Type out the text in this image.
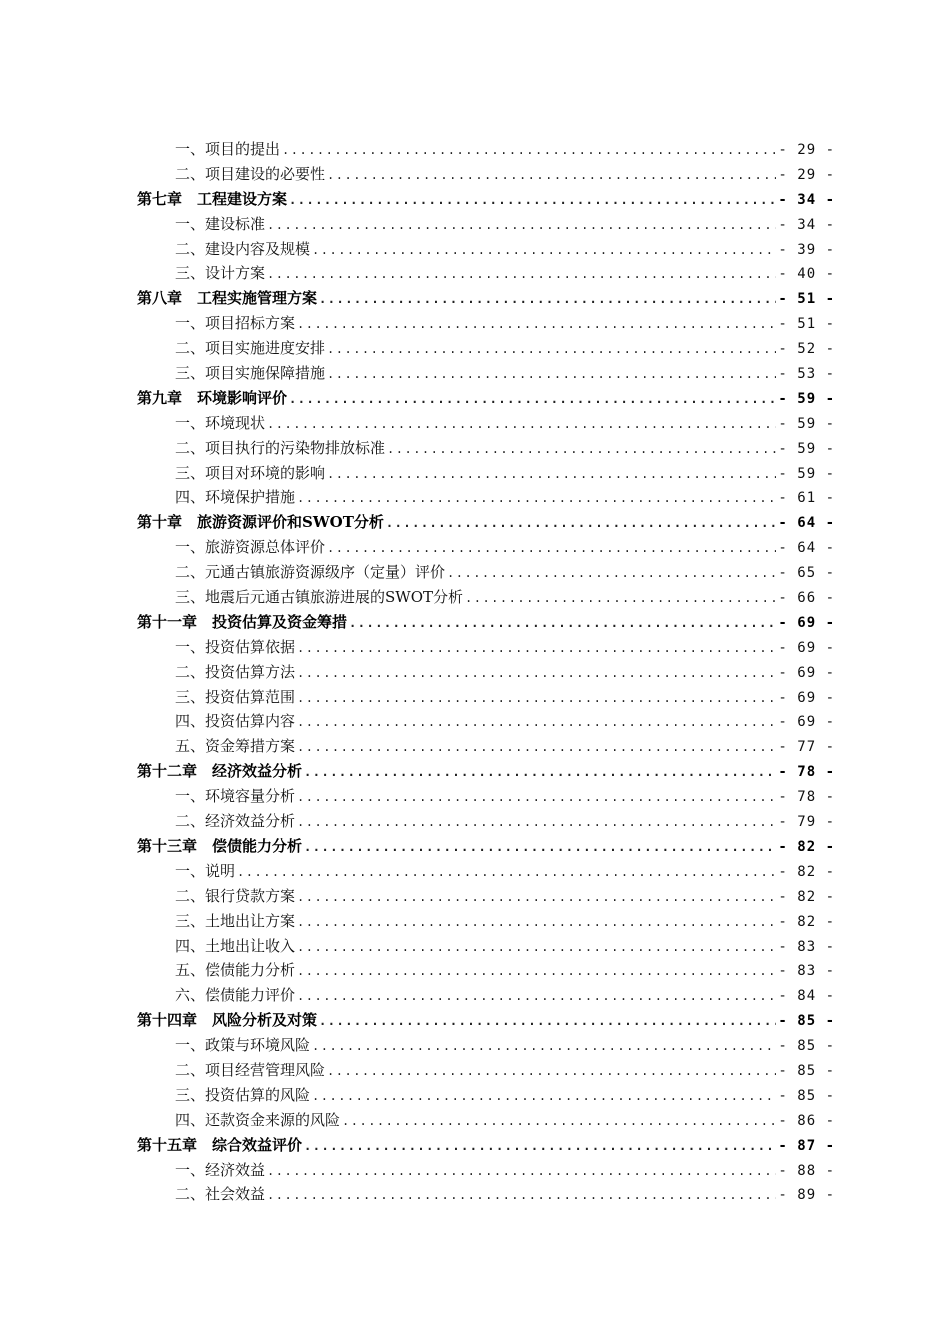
一、项目的提出 .....	- 29 -
二、项目建设的必要性 .....	- 29 -
第七章　工程建设方案 .....	- 34 -
一、建设标准 .....	- 34 -
二、建设内容及规模 .....	- 39 -
三、设计方案 .....	- 40 -
第八章　工程实施管理方案 .....	- 51 -
一、项目招标方案 .....	- 51 -
二、项目实施进度安排 .....	- 52 -
三、项目实施保障措施 .....	- 53 -
第九章　环境影响评价 .....	- 59 -
一、环境现状 .....	- 59 -
二、项目执行的污染物排放标准 .....	- 59 -
三、项目对环境的影响 .....	- 59 -
四、环境保护措施 .....	- 61 -
第十章　旅游资源评价和SWOT分析 .....	- 64 -
一、旅游资源总体评价 .....	- 64 -
二、元通古镇旅游资源级序（定量）评价 .....	- 65 -
三、地震后元通古镇旅游进展的SWOT分析 .....	- 66 -
第十一章　投资估算及资金筹措 .....	- 69 -
一、投资估算依据 .....	- 69 -
二、投资估算方法 .....	- 69 -
三、投资估算范围 .....	- 69 -
四、投资估算内容 .....	- 69 -
五、资金筹措方案 .....	- 77 -
第十二章　经济效益分析 .....	- 78 -
一、环境容量分析 .....	- 78 -
二、经济效益分析 .....	- 79 -
第十三章　偿债能力分析 .....	- 82 -
一、说明 .....	- 82 -
二、银行贷款方案 .....	- 82 -
三、土地出让方案 .....	- 82 -
四、土地出让收入 .....	- 83 -
五、偿债能力分析 .....	- 83 -
六、偿债能力评价 .....	- 84 -
第十四章　风险分析及对策 .....	- 85 -
一、政策与环境风险 .....	- 85 -
二、项目经营管理风险 .....	- 85 -
三、投资估算的风险 .....	- 85 -
四、还款资金来源的风险 .....	- 86 -
第十五章　综合效益评价 .....	- 87 -
一、经济效益 .....	- 88 -
二、社会效益 .....	- 89 -
